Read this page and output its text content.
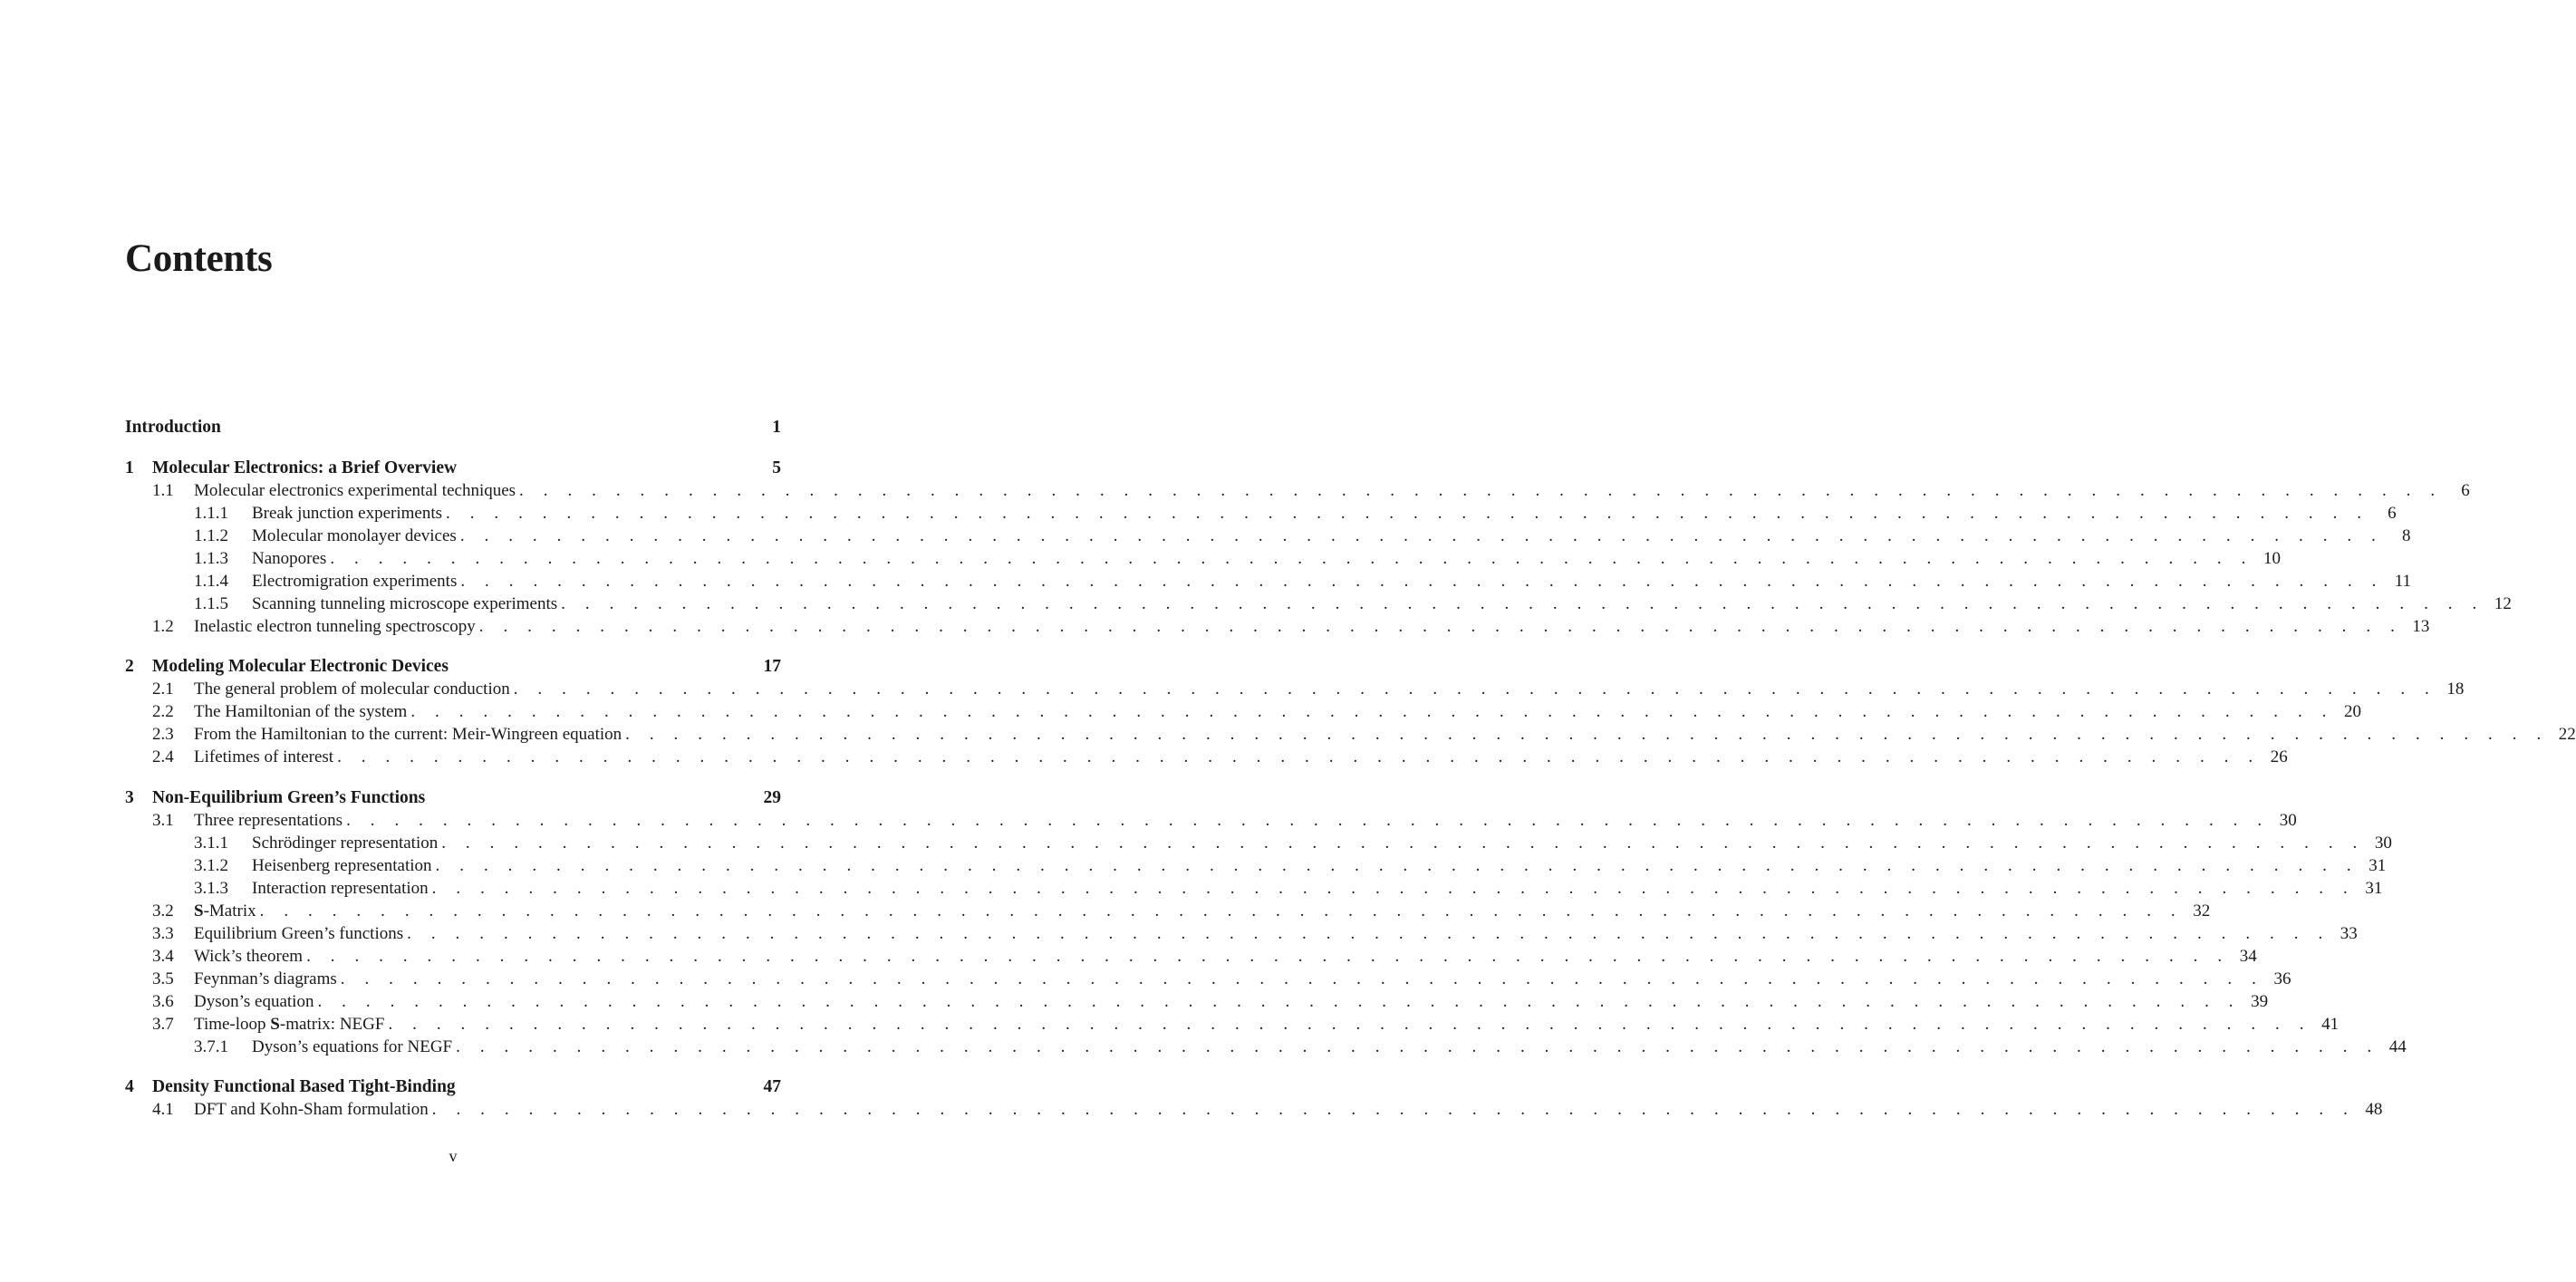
Contents
Introduction	1
1	Molecular Electronics: a Brief Overview	5
1.1	Molecular electronics experimental techniques . . . . . . . . . . . . . . . . . . . . . . . . . . . . . . . . . . . . . . . . . . . . . . . . . . . . . . . . . . . . . . . . . . . . . . . . . . . . . . . .	6
1.1.1	Break junction experiments . . . . . . . . . . . . . . . . . . . . . . . . . . . . . . . . . . . . . . . . . . . . . . . . . . . . . . . . . . . . . . . . . . . . . . . . . . . . . . . .	6
1.1.2	Molecular monolayer devices . . . . . . . . . . . . . . . . . . . . . . . . . . . . . . . . . . . . . . . . . . . . . . . . . . . . . . . . . . . . . . . . . . . . . . . . . . . . . . . .	8
1.1.3	Nanopores . . . . . . . . . . . . . . . . . . . . . . . . . . . . . . . . . . . . . . . . . . . . . . . . . . . . . . . . . . . . . . . . . . . . . . . . . . . . . . . . 10
1.1.4	Electromigration experiments . . . . . . . . . . . . . . . . . . . . . . . . . . . . . . . . . . . . . . . . . . . . . . . . . . . . . . . . . . . . . . . . . . . . . . . . . . . . . . . . 11
1.1.5	Scanning tunneling microscope experiments . . . . . . . . . . . . . . . . . . . . . . . . . . . . . . . . . . . . . . . . . . . . . . . . . . . . . . . . . . . . . . . . . . . . . . . . . . . . . . . . 12
1.2	Inelastic electron tunneling spectroscopy . . . . . . . . . . . . . . . . . . . . . . . . . . . . . . . . . . . . . . . . . . . . . . . . . . . . . . . . . . . . . . . . . . . . . . . . . . . . . . . . 13
2	Modeling Molecular Electronic Devices	17
2.1	The general problem of molecular conduction . . . . . . . . . . . . . . . . . . . . . . . . . . . . . . . . . . . . . . . . . . . . . . . . . . . . . . . . . . . . . . . . . . . . . . . . . . . . . . . . 18
2.2	The Hamiltonian of the system . . . . . . . . . . . . . . . . . . . . . . . . . . . . . . . . . . . . . . . . . . . . . . . . . . . . . . . . . . . . . . . . . . . . . . . . . . . . . . . . 20
2.3	From the Hamiltonian to the current: Meir-Wingreen equation . . . . . . . . . . . . . . . . . . . . . . . . . . . . . . . . . . . . . . . . . . . . . . . . . . . . . . . . . . . . . . . . . . . . . . . . . . . . . . . . 22
2.4	Lifetimes of interest . . . . . . . . . . . . . . . . . . . . . . . . . . . . . . . . . . . . . . . . . . . . . . . . . . . . . . . . . . . . . . . . . . . . . . . . . . . . . . . . 26
3	Non-Equilibrium Green’s Functions	29
3.1	Three representations . . . . . . . . . . . . . . . . . . . . . . . . . . . . . . . . . . . . . . . . . . . . . . . . . . . . . . . . . . . . . . . . . . . . . . . . . . . . . . . . 30
3.1.1	Schrödinger representation . . . . . . . . . . . . . . . . . . . . . . . . . . . . . . . . . . . . . . . . . . . . . . . . . . . . . . . . . . . . . . . . . . . . . . . . . . . . . . . . 30
3.1.2	Heisenberg representation . . . . . . . . . . . . . . . . . . . . . . . . . . . . . . . . . . . . . . . . . . . . . . . . . . . . . . . . . . . . . . . . . . . . . . . . . . . . . . . . 31
3.1.3	Interaction representation . . . . . . . . . . . . . . . . . . . . . . . . . . . . . . . . . . . . . . . . . . . . . . . . . . . . . . . . . . . . . . . . . . . . . . . . . . . . . . . . 31
3.2	S-Matrix . . . . . . . . . . . . . . . . . . . . . . . . . . . . . . . . . . . . . . . . . . . . . . . . . . . . . . . . . . . . . . . . . . . . . . . . . . . . . . . . 32
3.3	Equilibrium Green’s functions . . . . . . . . . . . . . . . . . . . . . . . . . . . . . . . . . . . . . . . . . . . . . . . . . . . . . . . . . . . . . . . . . . . . . . . . . . . . . . . . 33
3.4	Wick’s theorem . . . . . . . . . . . . . . . . . . . . . . . . . . . . . . . . . . . . . . . . . . . . . . . . . . . . . . . . . . . . . . . . . . . . . . . . . . . . . . . . 34
3.5	Feynman’s diagrams . . . . . . . . . . . . . . . . . . . . . . . . . . . . . . . . . . . . . . . . . . . . . . . . . . . . . . . . . . . . . . . . . . . . . . . . . . . . . . . . 36
3.6	Dyson’s equation . . . . . . . . . . . . . . . . . . . . . . . . . . . . . . . . . . . . . . . . . . . . . . . . . . . . . . . . . . . . . . . . . . . . . . . . . . . . . . . . 39
3.7	Time-loop S-matrix: NEGF . . . . . . . . . . . . . . . . . . . . . . . . . . . . . . . . . . . . . . . . . . . . . . . . . . . . . . . . . . . . . . . . . . . . . . . . . . . . . . . . 41
3.7.1	Dyson’s equations for NEGF . . . . . . . . . . . . . . . . . . . . . . . . . . . . . . . . . . . . . . . . . . . . . . . . . . . . . . . . . . . . . . . . . . . . . . . . . . . . . . . . 44
4	Density Functional Based Tight-Binding	47
4.1	DFT and Kohn-Sham formulation . . . . . . . . . . . . . . . . . . . . . . . . . . . . . . . . . . . . . . . . . . . . . . . . . . . . . . . . . . . . . . . . . . . . . . . . . . . . . . . . 48
v
